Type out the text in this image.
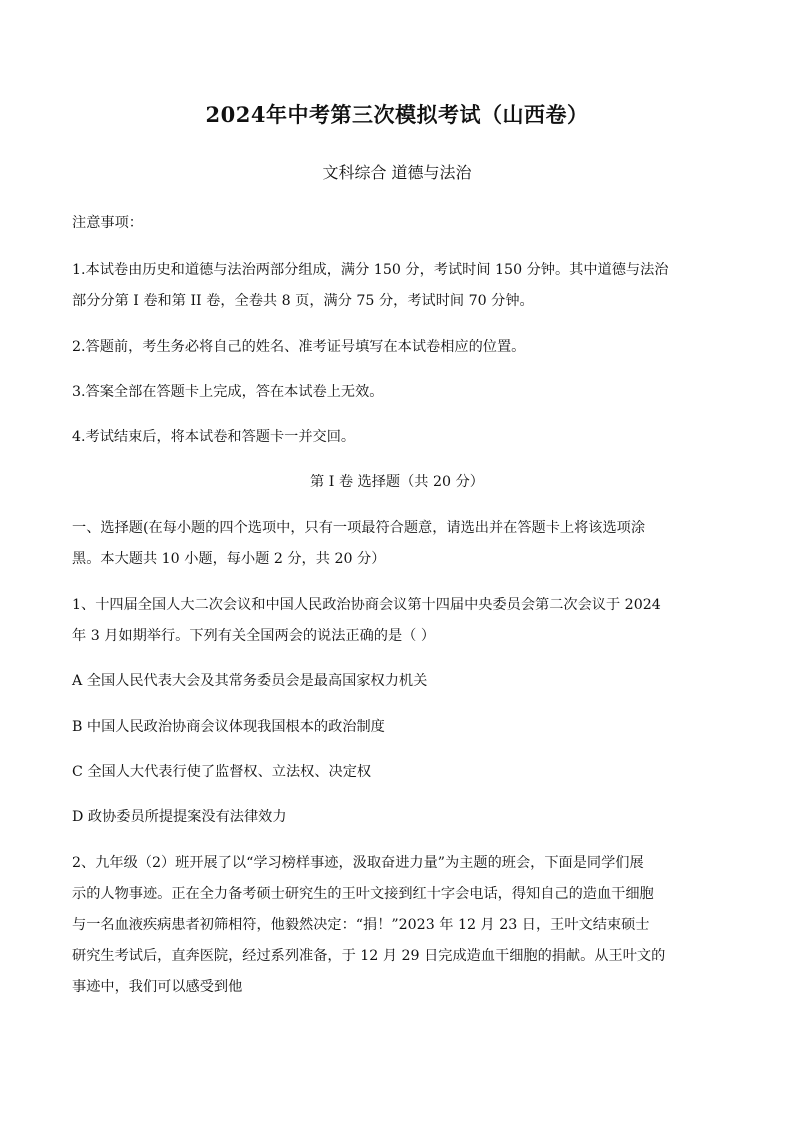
2024年中考第三次模拟考试（山西卷）
文科综合 道德与法治
注意事项：
1.本试卷由历史和道德与法治两部分组成，满分 150 分，考试时间 150 分钟。其中道德与法治
部分分第 I 卷和第 II 卷，全卷共 8 页，满分 75 分，考试时间 70 分钟。
2.答题前，考生务必将自己的姓名、准考证号填写在本试卷相应的位置。
3.答案全部在答题卡上完成，答在本试卷上无效。
4.考试结束后，将本试卷和答题卡一并交回。
第 I 卷 选择题（共 20 分）
一、选择题(在每小题的四个选项中，只有一项最符合题意，请选出并在答题卡上将该选项涂
黑。本大题共 10 小题，每小题 2 分，共 20 分）
1、十四届全国人大二次会议和中国人民政治协商会议第十四届中央委员会第二次会议于 2024
年 3 月如期举行。下列有关全国两会的说法正确的是（ ）
A 全国人民代表大会及其常务委员会是最高国家权力机关
B 中国人民政治协商会议体现我国根本的政治制度
C 全国人大代表行使了监督权、立法权、决定权
D 政协委员所提提案没有法律效力
2、九年级（2）班开展了以“学习榜样事迹，汲取奋进力量”为主题的班会，下面是同学们展
示的人物事迹。正在全力备考硕士研究生的王叶文接到红十字会电话，得知自己的造血干细胞
与一名血液疾病患者初筛相符，他毅然决定：“捐！”2023 年 12 月 23 日，王叶文结束硕士
研究生考试后，直奔医院，经过系列准备，于 12 月 29 日完成造血干细胞的捐献。从王叶文的
事迹中，我们可以感受到他
